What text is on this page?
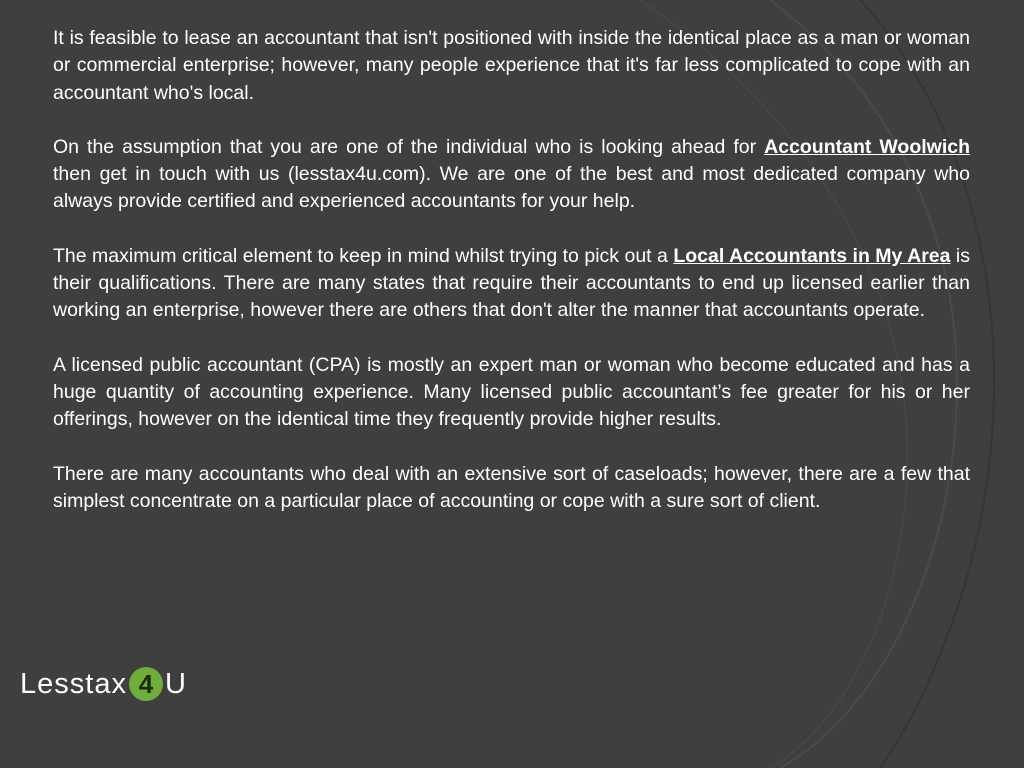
It is feasible to lease an accountant that isn't positioned with inside the identical place as a man or woman or commercial enterprise; however, many people experience that it's far less complicated to cope with an accountant who's local.

On the assumption that you are one of the individual who is looking ahead for Accountant Woolwich then get in touch with us (lesstax4u.com). We are one of the best and most dedicated company who always provide certified and experienced accountants for your help.

The maximum critical element to keep in mind whilst trying to pick out a Local Accountants in My Area is their qualifications. There are many states that require their accountants to end up licensed earlier than working an enterprise, however there are others that don't alter the manner that accountants operate.

A licensed public accountant (CPA) is mostly an expert man or woman who become educated and has a huge quantity of accounting experience. Many licensed public accountant’s fee greater for his or her offerings, however on the identical time they frequently provide higher results.

There are many accountants who deal with an extensive sort of caseloads; however, there are a few that simplest concentrate on a particular place of accounting or cope with a sure sort of client.

Lesstax 4 U
